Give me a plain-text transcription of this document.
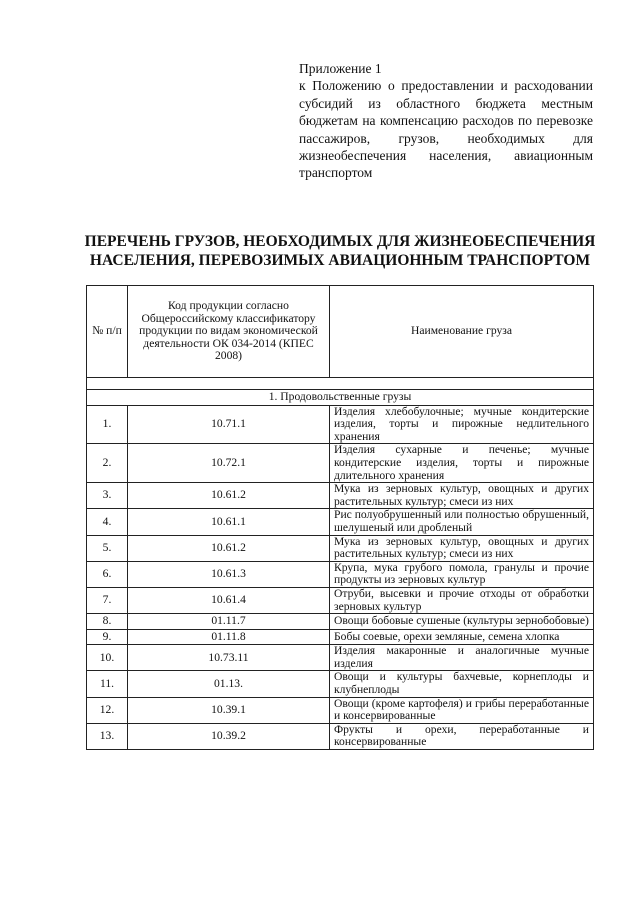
Приложение 1
к Положению о предоставлении и расходовании субсидий из областного бюджета местным бюджетам на компенсацию расходов по перевозке пассажиров, грузов, необходимых для жизнеобеспечения населения, авиационным транспортом
ПЕРЕЧЕНЬ ГРУЗОВ, НЕОБХОДИМЫХ ДЛЯ ЖИЗНЕОБЕСПЕЧЕНИЯ
НАСЕЛЕНИЯ, ПЕРЕВОЗИМЫХ АВИАЦИОННЫМ ТРАНСПОРТОМ
№ п/п	Код продукции согласно Общероссийскому классификатору продукции по видам экономической деятельности ОК 034-2014 (КПЕС 2008)	Наименование груза

1. Продовольственные грузы		
1.	10.71.1	Изделия хлебобулочные; мучные кондитерские изделия, торты и пирожные недлительного хранения
2.	10.72.1	Изделия сухарные и печенье; мучные кондитерские изделия, торты и пирожные длительного хранения
3.	10.61.2	Мука из зерновых культур, овощных и других растительных культур; смеси из них
4.	10.61.1	Рис полуобрушенный или полностью обрушенный, шелушеный или дробленый
5.	10.61.2	Мука из зерновых культур, овощных и других растительных культур; смеси из них
6.	10.61.3	Крупа, мука грубого помола, гранулы и прочие продукты из зерновых культур
7.	10.61.4	Отруби, высевки и прочие отходы от обработки зерновых культур
8.	01.11.7	Овощи бобовые сушеные (культуры зернобобовые)
9.	01.11.8	Бобы соевые, орехи земляные, семена хлопка
10.	10.73.11	Изделия макаронные и аналогичные мучные изделия
11.	01.13.	Овощи и культуры бахчевые, корнеплоды и клубнеплоды
12.	10.39.1	Овощи (кроме картофеля) и грибы переработанные и консервированные
13.	10.39.2	Фрукты и орехи, переработанные и консервированные
